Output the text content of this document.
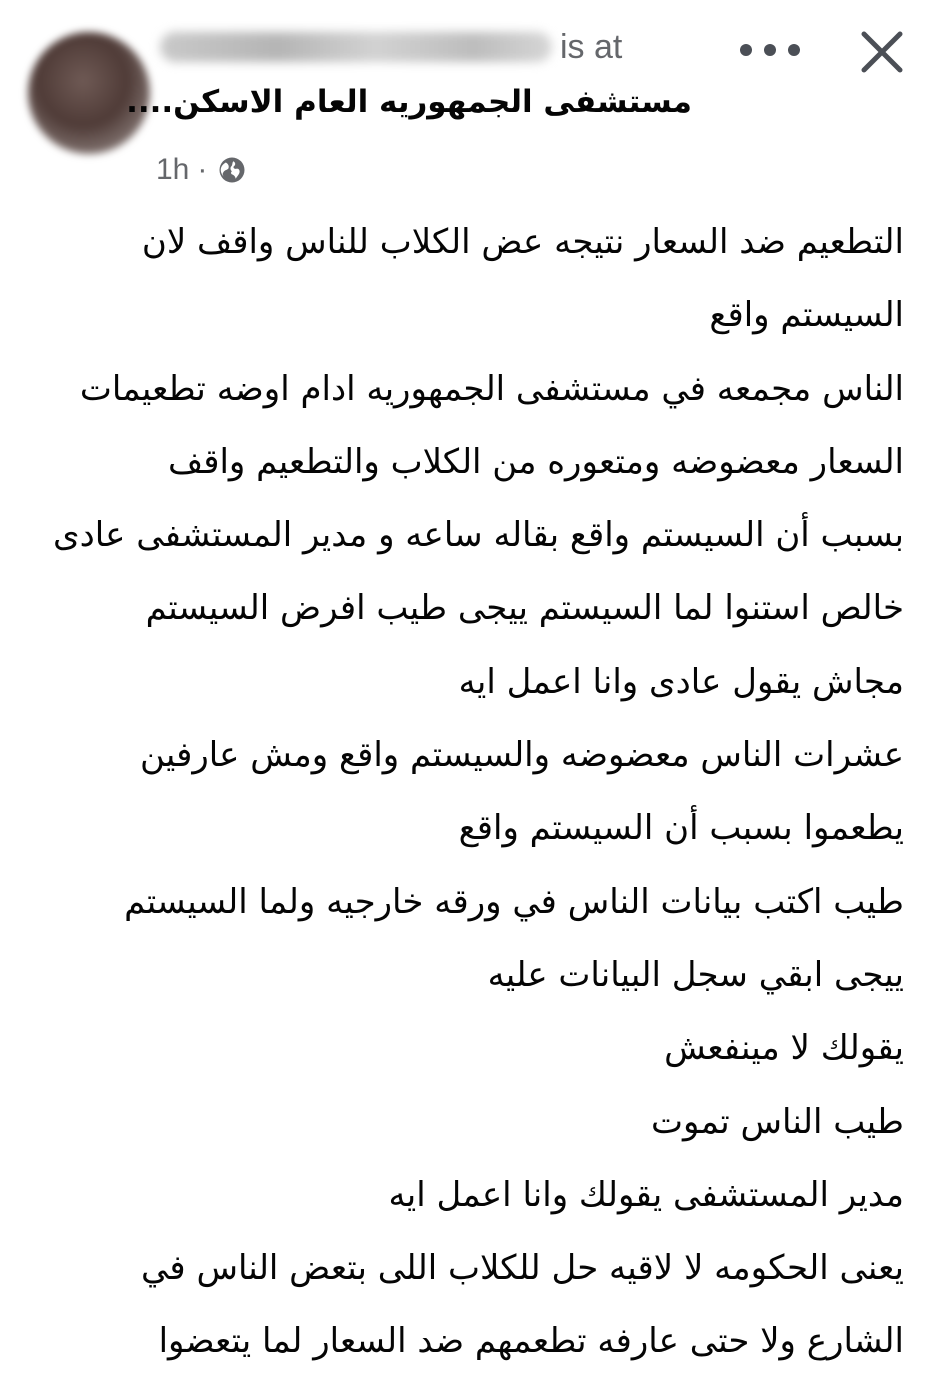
is at
مستشفى الجمهوريه العام الاسكن....
1h ·
التطعيم ضد السعار نتيجه عض الكلاب للناس واقف لان
السيستم واقع
الناس مجمعه في مستشفى الجمهوريه ادام اوضه تطعيمات
السعار معضوضه ومتعوره من الكلاب والتطعيم واقف
بسبب أن السيستم واقع بقاله ساعه و مدير المستشفى عادى
خالص استنوا لما السيستم ييجى طيب افرض السيستم
مجاش يقول عادى وانا اعمل ايه
عشرات الناس معضوضه والسيستم واقع ومش عارفين
يطعموا بسبب أن السيستم واقع
طيب اكتب بيانات الناس في ورقه خارجيه ولما السيستم
ييجى ابقي سجل البيانات عليه
يقولك لا مينفعش
طيب الناس تموت
مدير المستشفى يقولك وانا اعمل ايه
يعنى الحكومه لا لاقيه حل للكلاب اللى بتعض الناس في
الشارع ولا حتى عارفه تطعمهم ضد السعار لما يتعضوا
